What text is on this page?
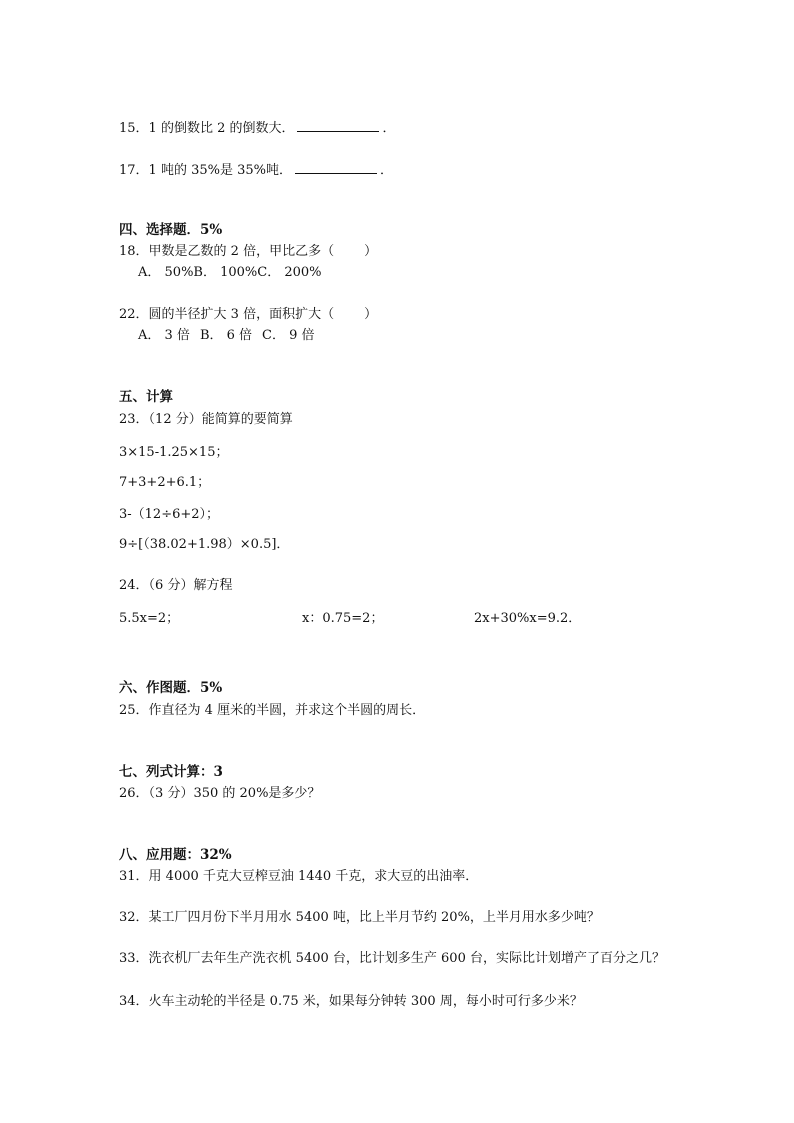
15．1 的倒数比 2 的倒数大．	．
17．1 吨的 35%是 35%吨．	．
四、选择题．5%
18．甲数是乙数的 2 倍，甲比乙多（ ）
A． 50%B． 100%C． 200%
22．圆的半径扩大 3 倍，面积扩大（ ）
A． 3 倍 B． 6 倍 C． 9 倍
五、计算
23．（12 分）能简算的要简算
3×15-1.25×15；
7+3+2+6.1；
3-（12÷6+2）；
9÷[（38.02+1.98）×0.5]．
24．（6 分）解方程
5.5x=2；	x：0.75=2；	2x+30%x=9.2．
六、作图题．5%
25．作直径为 4 厘米的半圆，并求这个半圆的周长．
七、列式计算：3
26．（3 分）350 的 20%是多少？
八、应用题：32%
31．用 4000 千克大豆榨豆油 1440 千克，求大豆的出油率．
32．某工厂四月份下半月用水 5400 吨，比上半月节约 20%，上半月用水多少吨？
33．洗衣机厂去年生产洗衣机 5400 台，比计划多生产 600 台，实际比计划增产了百分之几？
34．火车主动轮的半径是 0.75 米，如果每分钟转 300 周，每小时可行多少米？
